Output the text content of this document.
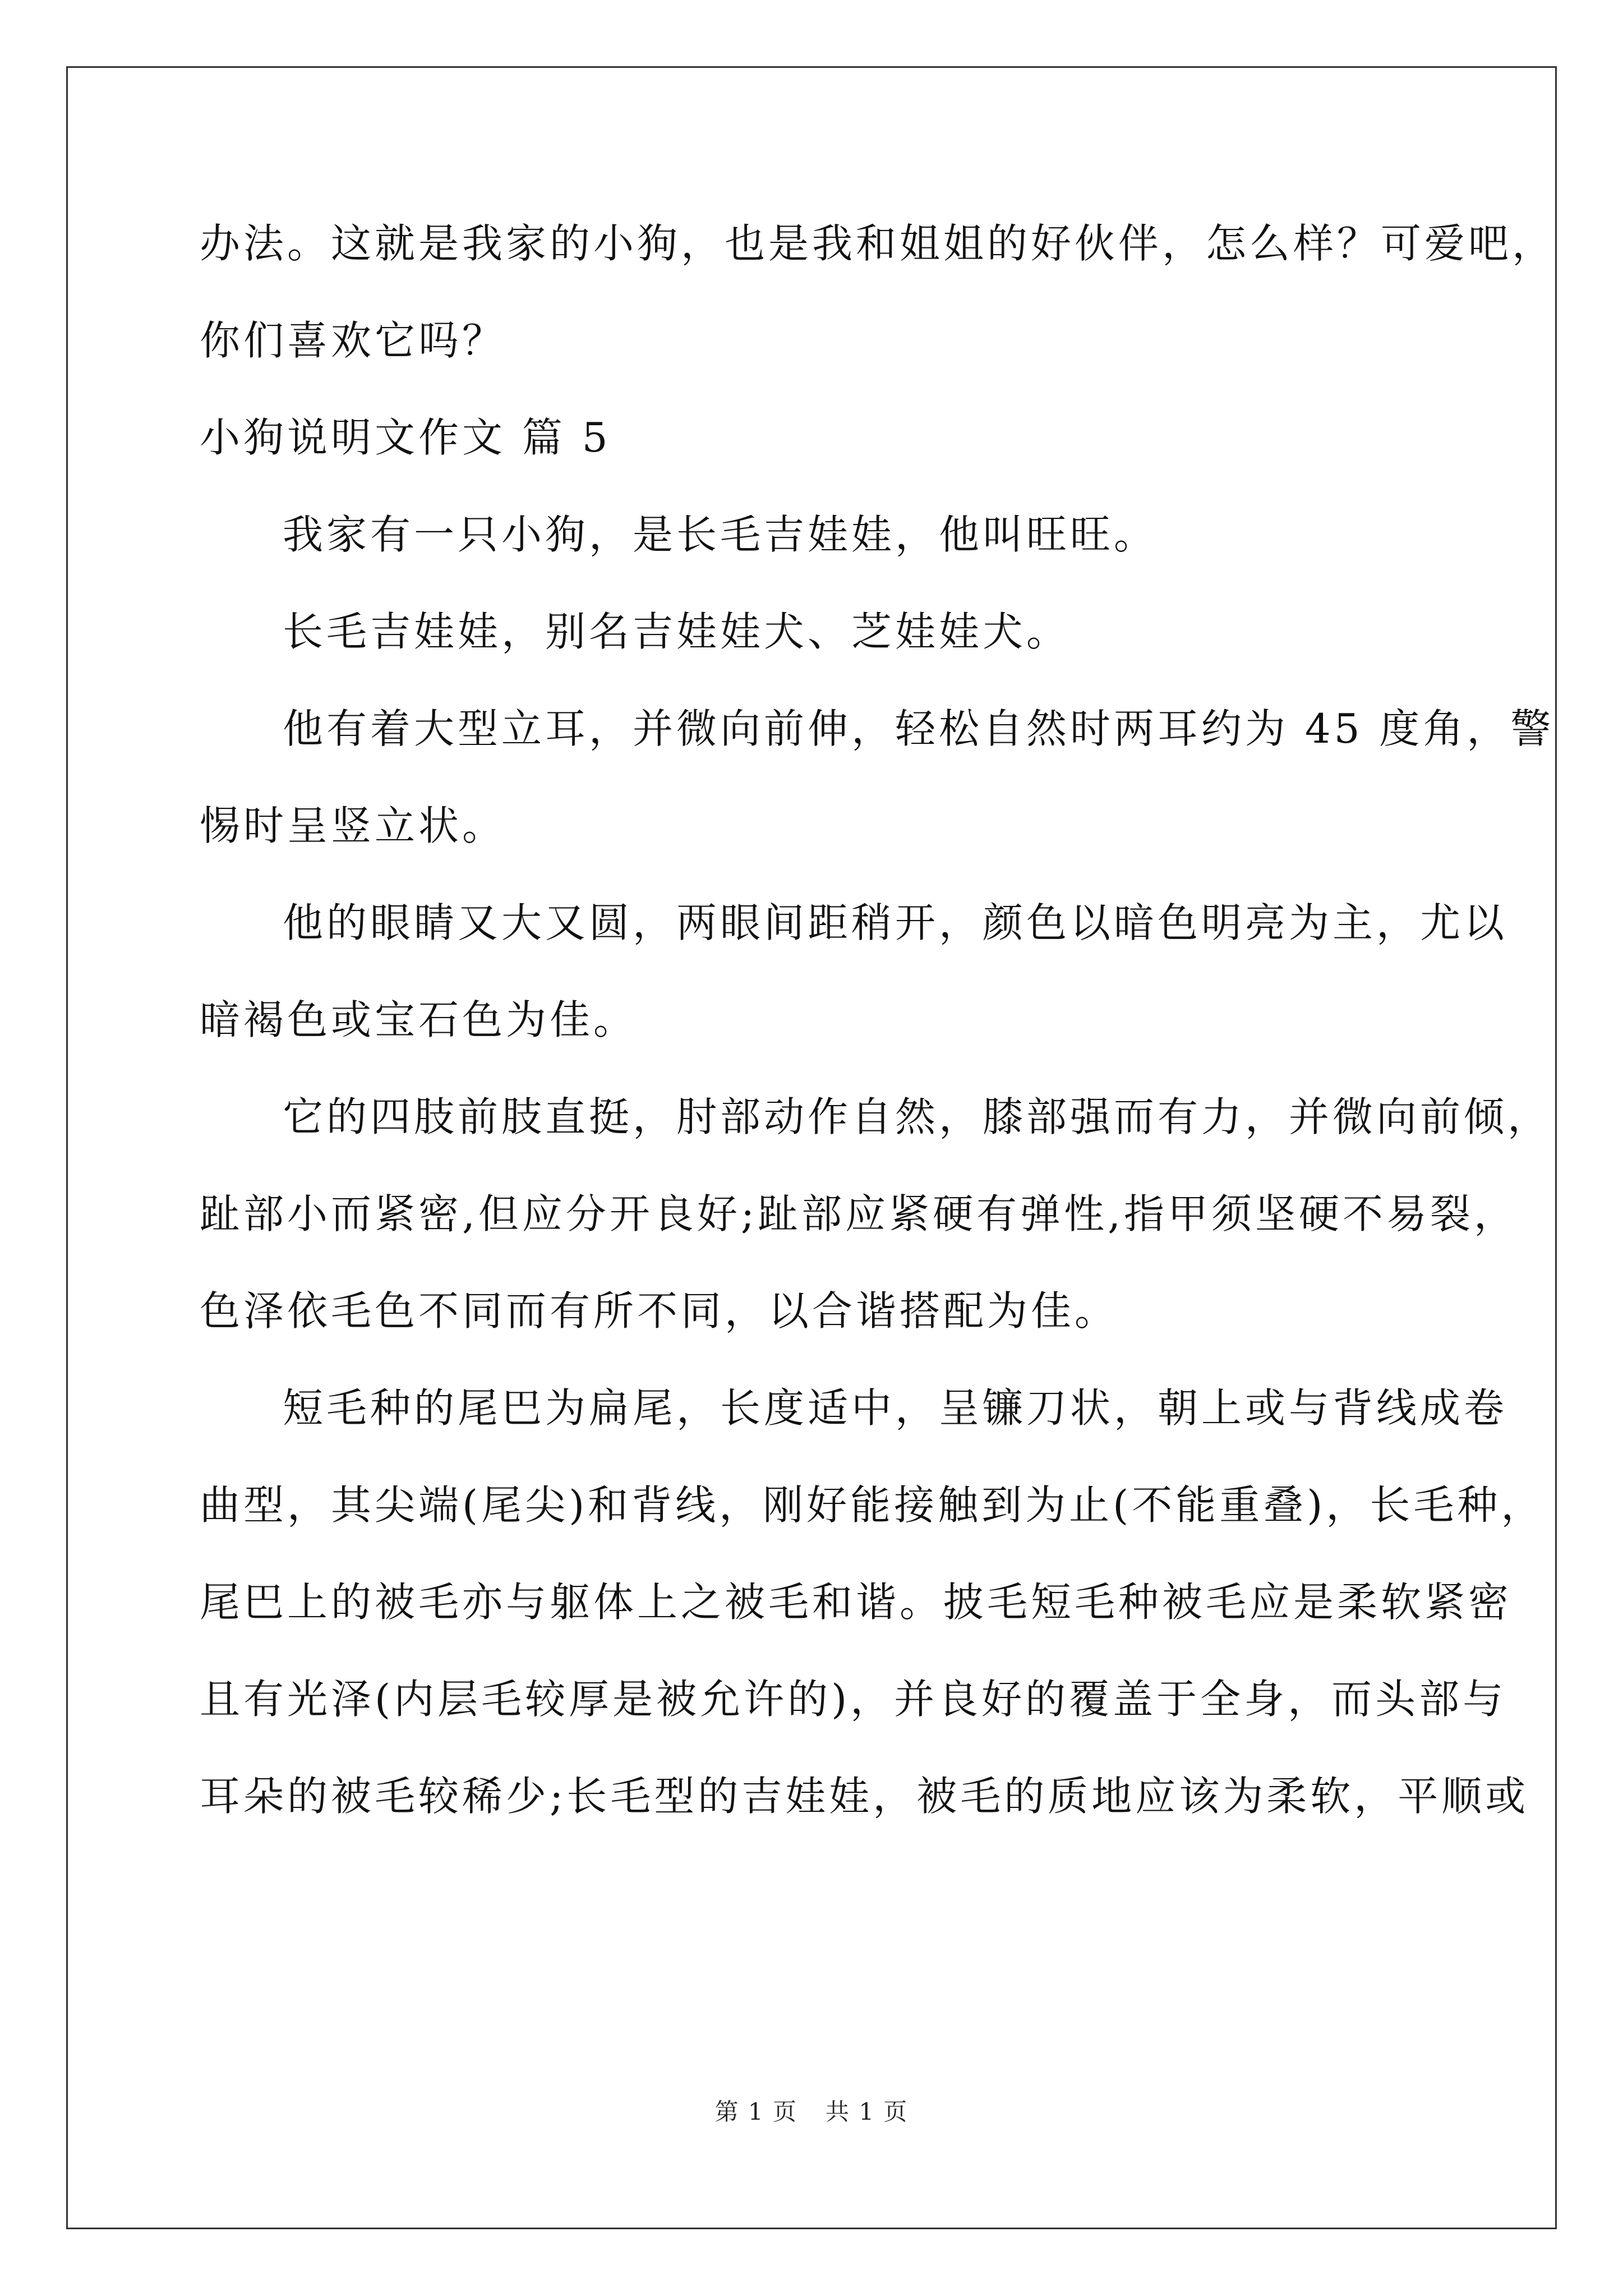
办法。这就是我家的小狗，也是我和姐姐的好伙伴，怎么样？可爱吧，
你们喜欢它吗？
小狗说明文作文 篇 5
我家有一只小狗，是长毛吉娃娃，他叫旺旺。
长毛吉娃娃，别名吉娃娃犬、芝娃娃犬。
他有着大型立耳，并微向前伸，轻松自然时两耳约为 45 度角，警
惕时呈竖立状。
他的眼睛又大又圆，两眼间距稍开，颜色以暗色明亮为主，尤以
暗褐色或宝石色为佳。
它的四肢前肢直挺，肘部动作自然，膝部强而有力，并微向前倾，
趾部小而紧密,但应分开良好;趾部应紧硬有弹性,指甲须坚硬不易裂，
色泽依毛色不同而有所不同，以合谐搭配为佳。
短毛种的尾巴为扁尾，长度适中，呈镰刀状，朝上或与背线成卷
曲型，其尖端(尾尖)和背线，刚好能接触到为止(不能重叠)，长毛种，
尾巴上的被毛亦与躯体上之被毛和谐。披毛短毛种被毛应是柔软紧密
且有光泽(内层毛较厚是被允许的)，并良好的覆盖于全身，而头部与
耳朵的被毛较稀少;长毛型的吉娃娃，被毛的质地应该为柔软，平顺或
第 1 页 共 1 页
